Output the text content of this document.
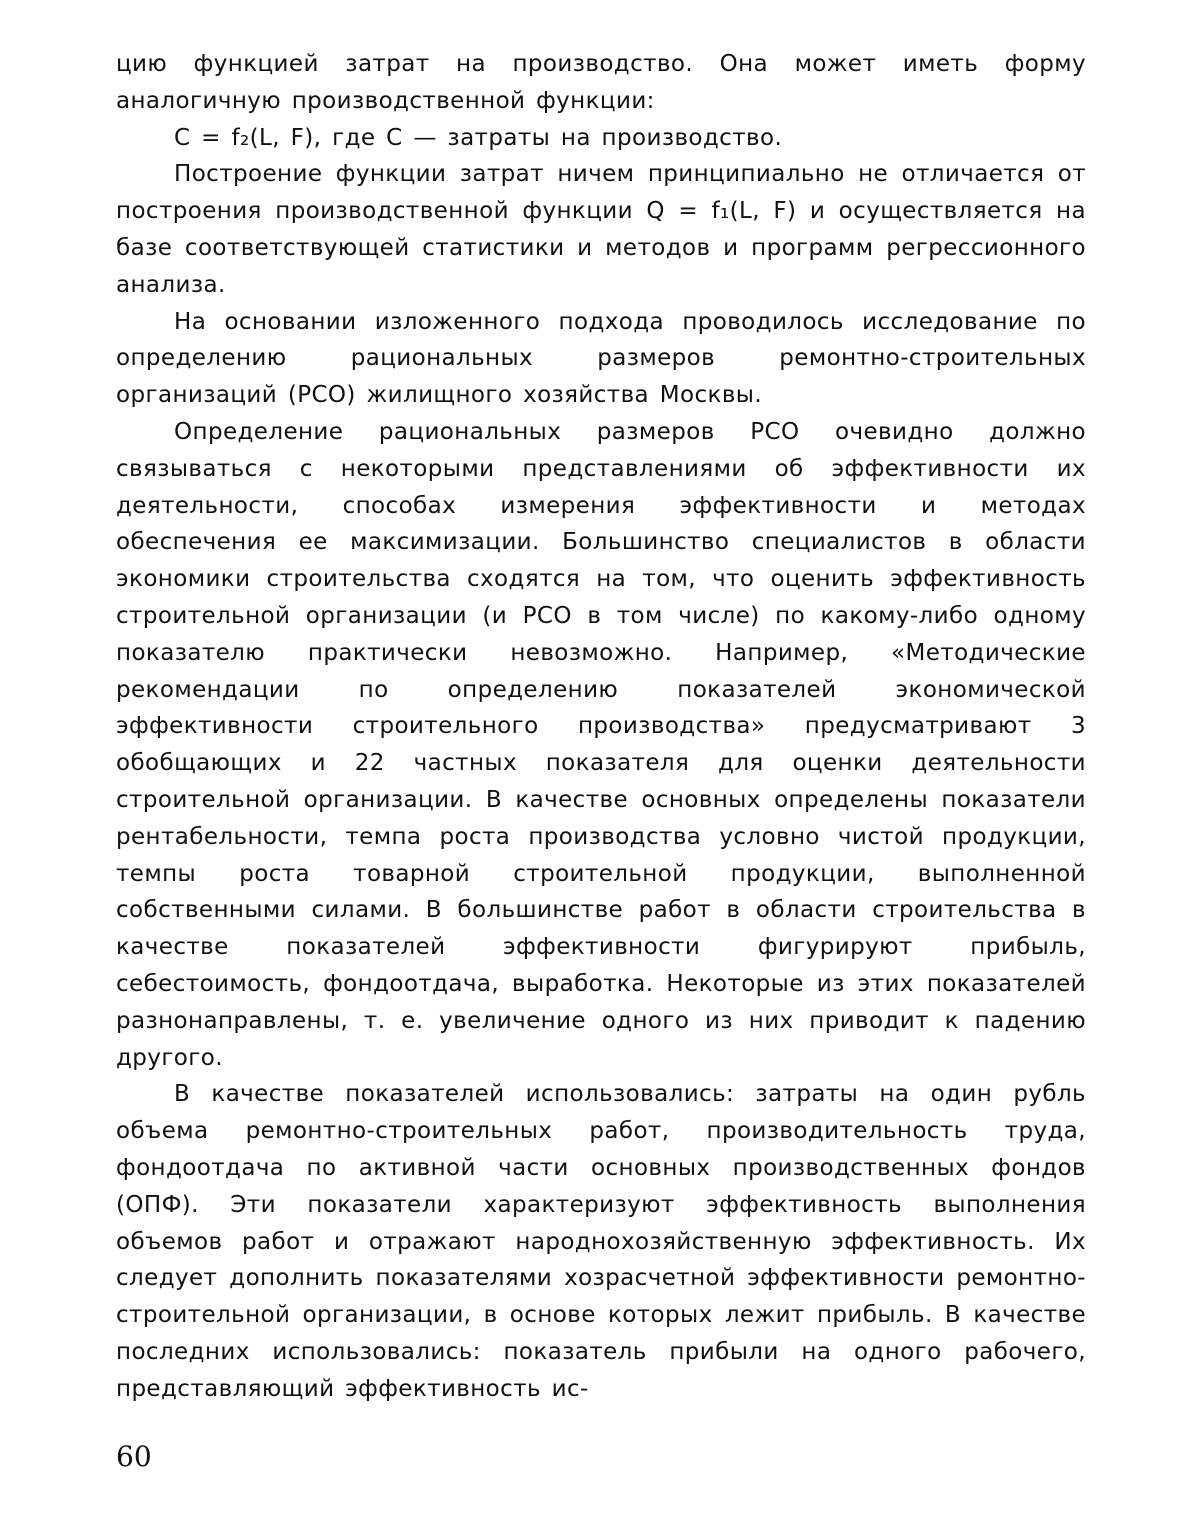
цию функцией затрат на производство. Она может иметь форму аналогичную производственной функции:

C = f₂(L, F), где C — затраты на производство.

Построение функции затрат ничем принципиально не отличается от построения производственной функции Q = f₁(L, F) и осуществляется на базе соответствующей статистики и методов и программ регрессионного анализа.

На основании изложенного подхода проводилось исследование по определению рациональных размеров ремонтно-строительных организаций (РСО) жилищного хозяйства Москвы.

Определение рациональных размеров РСО очевидно должно связываться с некоторыми представлениями об эффективности их деятельности, способах измерения эффективности и методах обеспечения ее максимизации. Большинство специалистов в области экономики строительства сходятся на том, что оценить эффективность строительной организации (и РСО в том числе) по какому-либо одному показателю практически невозможно. Например, «Методические рекомендации по определению показателей экономической эффективности строительного производства» предусматривают 3 обобщающих и 22 частных показателя для оценки деятельности строительной организации. В качестве основных определены показатели рентабельности, темпа роста производства условно чистой продукции, темпы роста товарной строительной продукции, выполненной собственными силами. В большинстве работ в области строительства в качестве показателей эффективности фигурируют прибыль, себестоимость, фондоотдача, выработка. Некоторые из этих показателей разнонаправлены, т. е. увеличение одного из них приводит к падению другого.

В качестве показателей использовались: затраты на один рубль объема ремонтно-строительных работ, производительность труда, фондоотдача по активной части основных производственных фондов (ОПФ). Эти показатели характеризуют эффективность выполнения объемов работ и отражают народнохозяйственную эффективность. Их следует дополнить показателями хозрасчетной эффективности ремонтно-строительной организации, в основе которых лежит прибыль. В качестве последних использовались: показатель прибыли на одного рабочего, представляющий эффективность ис-

60
